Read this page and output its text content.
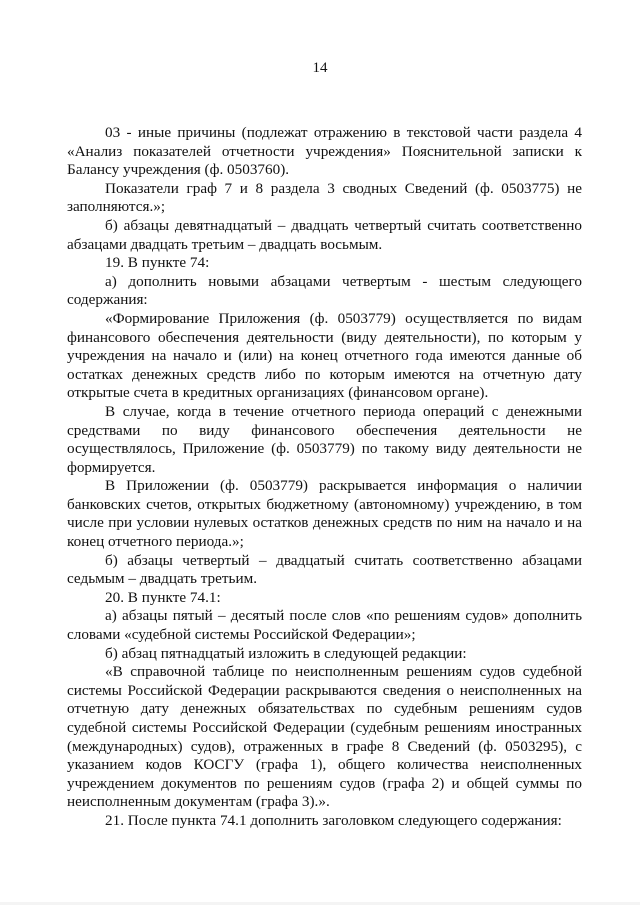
14

03 - иные причины (подлежат отражению в текстовой части раздела 4 «Анализ показателей отчетности учреждения» Пояснительной записки к Балансу учреждения (ф. 0503760).

Показатели граф 7 и 8 раздела 3 сводных Сведений (ф. 0503775) не заполняются.»;

б) абзацы девятнадцатый – двадцать четвертый считать соответственно абзацами двадцать третьим – двадцать восьмым.

19. В пункте 74:

а) дополнить новыми абзацами четвертым - шестым следующего содержания:

«Формирование Приложения (ф. 0503779) осуществляется по видам финансового обеспечения деятельности (виду деятельности), по которым у учреждения на начало и (или) на конец отчетного года имеются данные об остатках денежных средств либо по которым имеются на отчетную дату открытые счета в кредитных организациях (финансовом органе).

В случае, когда в течение отчетного периода операций с денежными средствами по виду финансового обеспечения деятельности не осуществлялось, Приложение (ф. 0503779) по такому виду деятельности не формируется.

В Приложении (ф. 0503779) раскрывается информация о наличии банковских счетов, открытых бюджетному (автономному) учреждению, в том числе при условии нулевых остатков денежных средств по ним на начало и на конец отчетного периода.»;

б) абзацы четвертый – двадцатый считать соответственно абзацами седьмым – двадцать третьим.

20. В пункте 74.1:

а) абзацы пятый – десятый после слов «по решениям судов» дополнить словами «судебной системы Российской Федерации»;

б) абзац пятнадцатый изложить в следующей редакции:

«В справочной таблице по неисполненным решениям судов судебной системы Российской Федерации раскрываются сведения о неисполненных на отчетную дату денежных обязательствах по судебным решениям судов судебной системы Российской Федерации (судебным решениям иностранных (международных) судов), отраженных в графе 8 Сведений (ф. 0503295), с указанием кодов КОСГУ (графа 1), общего количества неисполненных учреждением документов по решениям судов (графа 2) и общей суммы по неисполненным документам (графа 3).».

21. После пункта 74.1 дополнить заголовком следующего содержания:
